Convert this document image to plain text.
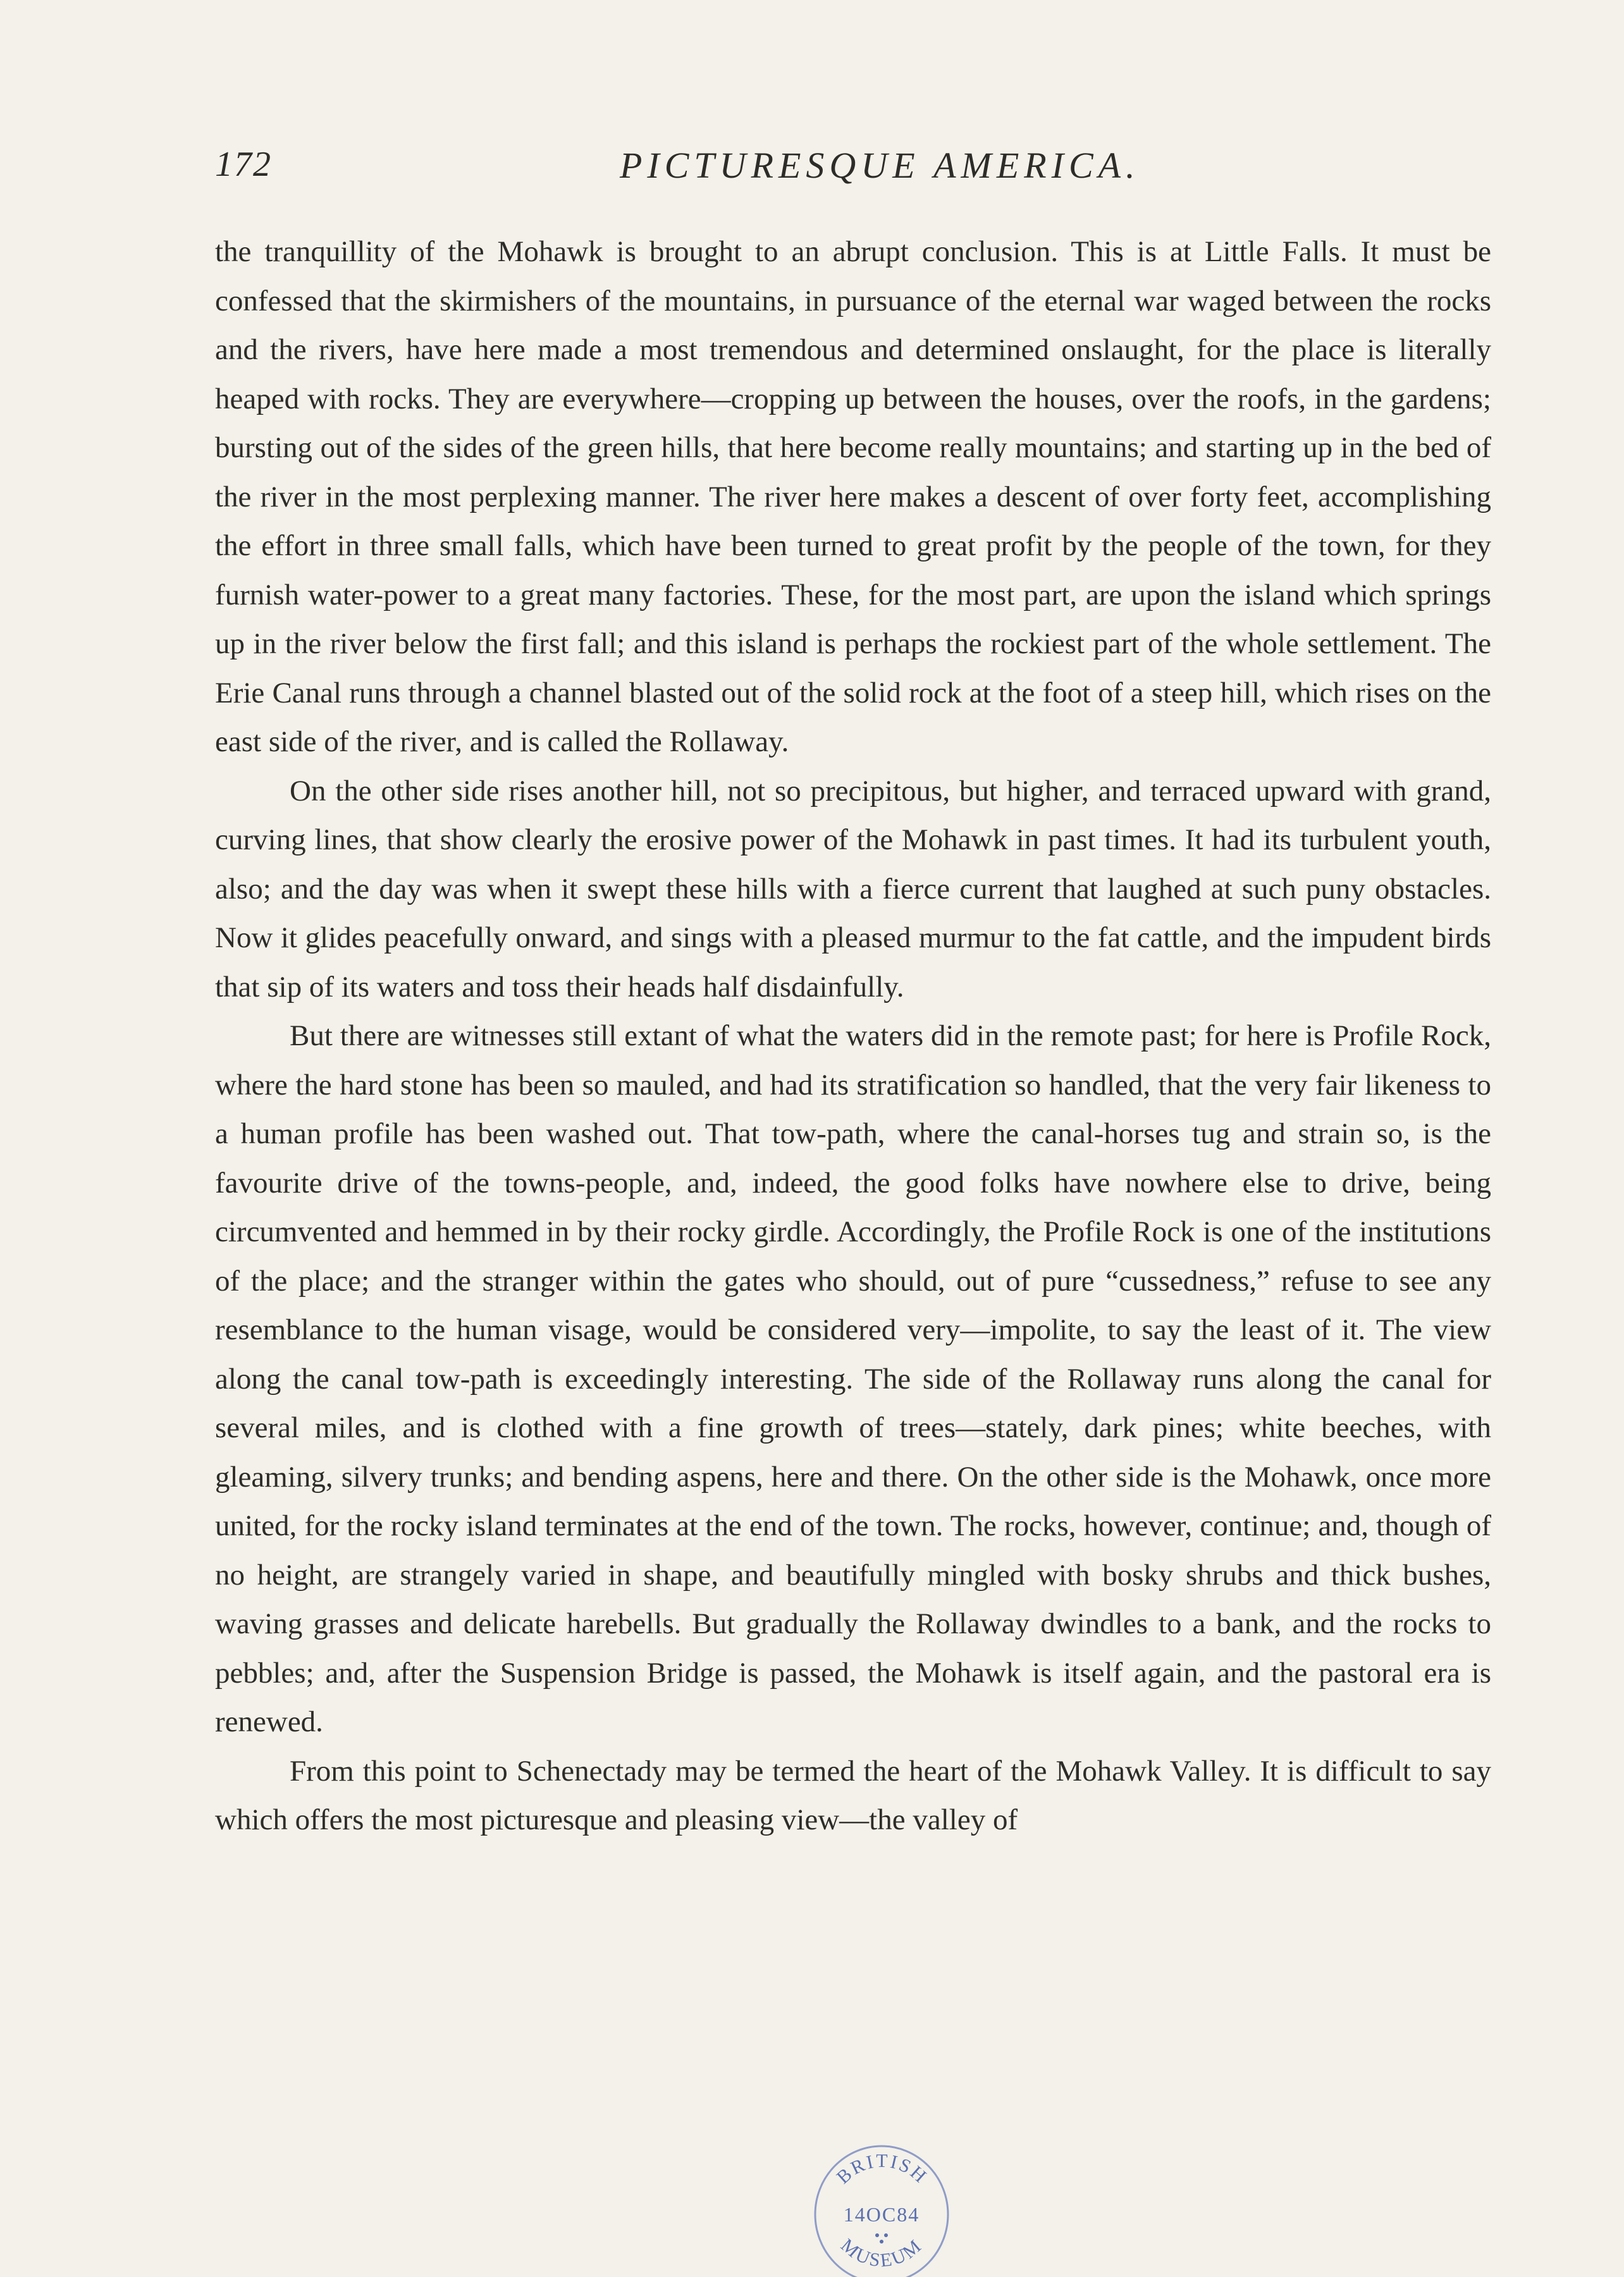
172	PICTURESQUE AMERICA.

the tranquillity of the Mohawk is brought to an abrupt conclusion. This is at Little Falls. It must be confessed that the skirmishers of the mountains, in pursuance of the eternal war waged between the rocks and the rivers, have here made a most tremendous and determined onslaught, for the place is literally heaped with rocks. They are everywhere—cropping up between the houses, over the roofs, in the gardens; bursting out of the sides of the green hills, that here become really mountains; and starting up in the bed of the river in the most perplexing manner. The river here makes a descent of over forty feet, accomplishing the effort in three small falls, which have been turned to great profit by the people of the town, for they furnish water-power to a great many factories. These, for the most part, are upon the island which springs up in the river below the first fall; and this island is perhaps the rockiest part of the whole settlement. The Erie Canal runs through a channel blasted out of the solid rock at the foot of a steep hill, which rises on the east side of the river, and is called the Rollaway.

On the other side rises another hill, not so precipitous, but higher, and terraced upward with grand, curving lines, that show clearly the erosive power of the Mohawk in past times. It had its turbulent youth, also; and the day was when it swept these hills with a fierce current that laughed at such puny obstacles. Now it glides peacefully onward, and sings with a pleased murmur to the fat cattle, and the impudent birds that sip of its waters and toss their heads half disdainfully.

But there are witnesses still extant of what the waters did in the remote past; for here is Profile Rock, where the hard stone has been so mauled, and had its stratification so handled, that the very fair likeness to a human profile has been washed out. That tow-path, where the canal-horses tug and strain so, is the favourite drive of the towns-people, and, indeed, the good folks have nowhere else to drive, being circumvented and hemmed in by their rocky girdle. Accordingly, the Profile Rock is one of the institutions of the place; and the stranger within the gates who should, out of pure “cussedness,” refuse to see any resemblance to the human visage, would be considered very—impolite, to say the least of it. The view along the canal tow-path is exceedingly interesting. The side of the Rollaway runs along the canal for several miles, and is clothed with a fine growth of trees—stately, dark pines; white beeches, with gleaming, silvery trunks; and bending aspens, here and there. On the other side is the Mohawk, once more united, for the rocky island terminates at the end of the town. The rocks, however, continue; and, though of no height, are strangely varied in shape, and beautifully mingled with bosky shrubs and thick bushes, waving grasses and delicate harebells. But gradually the Rollaway dwindles to a bank, and the rocks to pebbles; and, after the Suspension Bridge is passed, the Mohawk is itself again, and the pastoral era is renewed.

From this point to Schenectady may be termed the heart of the Mohawk Valley. It is difficult to say which offers the most picturesque and pleasing view—the valley of

BRITISH
14OC84
MUSEUM
